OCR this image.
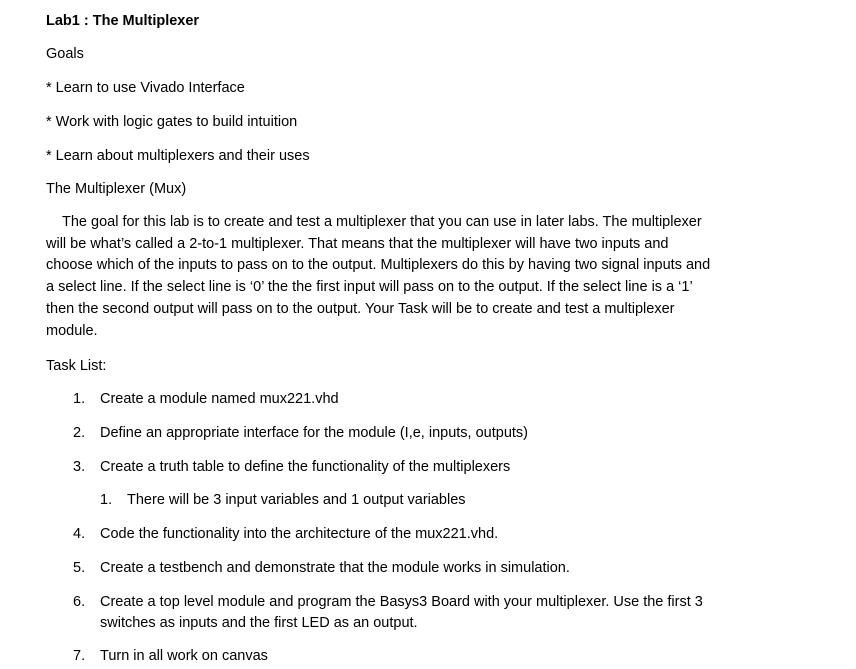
Lab1 : The Multiplexer
Goals
* Learn to use Vivado Interface
* Work with logic gates to build intuition
* Learn about multiplexers and their uses
The Multiplexer (Mux)
The goal for this lab is to create and test a multiplexer that you can use in later labs. The multiplexer
will be what’s called a 2-to-1 multiplexer. That means that the multiplexer will have two inputs and
choose which of the inputs to pass on to the output. Multiplexers do this by having two signal inputs and
a select line. If the select line is ‘0’ the the first input will pass on to the output. If the select line is a ‘1’
then the second output will pass on to the output. Your Task will be to create and test a multiplexer
module.
Task List:
1. Create a module named mux221.vhd
2. Define an appropriate interface for the module (I,e, inputs, outputs)
3. Create a truth table to define the functionality of the multiplexers
1. There will be 3 input variables and 1 output variables
4. Code the functionality into the architecture of the mux221.vhd.
5. Create a testbench and demonstrate that the module works in simulation.
6. Create a top level module and program the Basys3 Board with your multiplexer. Use the first 3
switches as inputs and the first LED as an output.
7. Turn in all work on canvas
